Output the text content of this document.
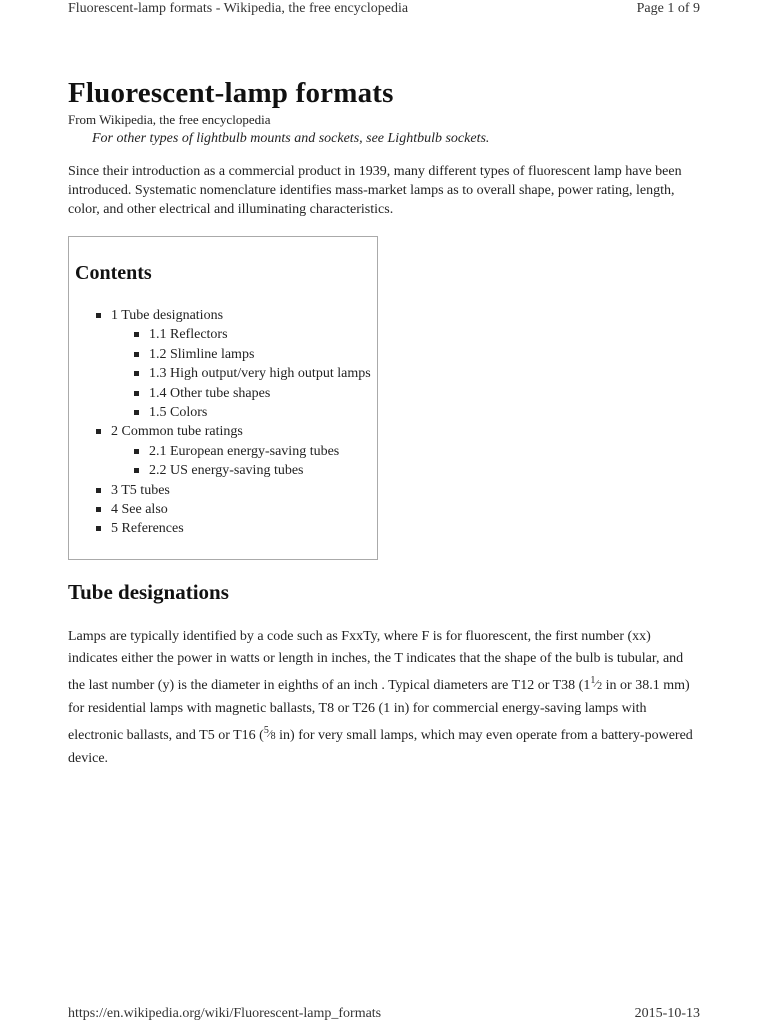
Fluorescent-lamp formats - Wikipedia, the free encyclopedia	Page 1 of 9
Fluorescent-lamp formats
From Wikipedia, the free encyclopedia
For other types of lightbulb mounts and sockets, see Lightbulb sockets.

Since their introduction as a commercial product in 1939, many different types of fluorescent lamp have been introduced. Systematic nomenclature identifies mass-market lamps as to overall shape, power rating, length, color, and other electrical and illuminating characteristics.

Contents
1 Tube designations
1.1 Reflectors
1.2 Slimline lamps
1.3 High output/very high output lamps
1.4 Other tube shapes
1.5 Colors
2 Common tube ratings
2.1 European energy-saving tubes
2.2 US energy-saving tubes
3 T5 tubes
4 See also
5 References
Tube designations

Lamps are typically identified by a code such as FxxTy, where F is for fluorescent, the first number (xx) indicates either the power in watts or length in inches, the T indicates that the shape of the bulb is tubular, and the last number (y) is the diameter in eighths of an inch . Typical diameters are T12 or T38 ($1^1⁄_2$ in or 38.1 mm) for residential lamps with magnetic ballasts, T8 or T26 (1 in) for commercial energy-saving lamps with electronic ballasts, and T5 or T16 ($^5⁄_8$ in) for very small lamps, which may even operate from a battery-powered device.

https://en.wikipedia.org/wiki/Fluorescent-lamp_formats	2015-10-13
